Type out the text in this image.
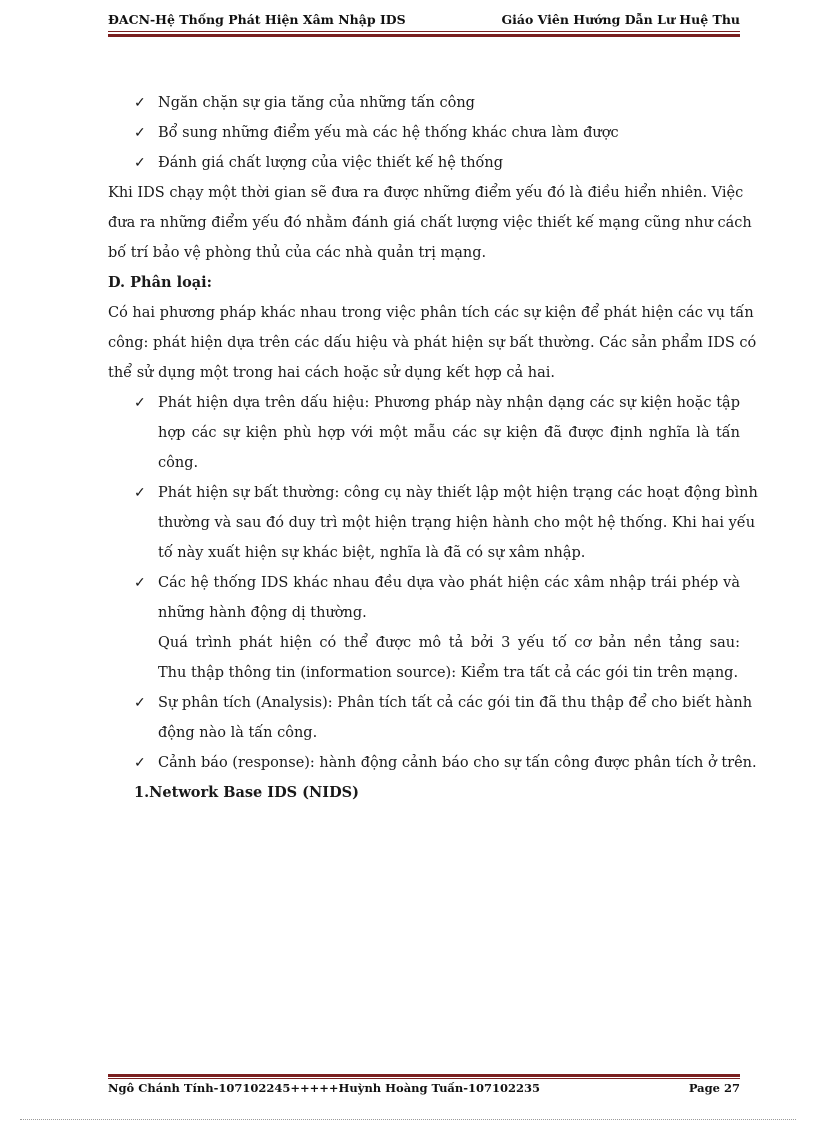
ĐACN-Hệ Thống Phát Hiện Xâm Nhập IDS	Giáo Viên Hướng Dẫn Lư Huệ Thu
✓ Ngăn chặn sự gia tăng của những tấn công
✓ Bổ sung những điểm yếu mà các hệ thống khác chưa làm được
✓ Đánh giá chất lượng của việc thiết kế hệ thống
Khi IDS chạy một thời gian sẽ đưa ra được những điểm yếu đó là điều hiển nhiên. Việc
đưa ra những điểm yếu đó nhằm đánh giá chất lượng việc thiết kế mạng cũng như cách
bố trí bảo vệ phòng thủ của các nhà quản trị mạng.
D. Phân loại:
Có hai phương pháp khác nhau trong việc phân tích các sự kiện để phát hiện các vụ tấn
công: phát hiện dựa trên các dấu hiệu và phát hiện sự bất thường. Các sản phẩm IDS có
thể sử dụng một trong hai cách hoặc sử dụng kết hợp cả hai.
✓ Phát hiện dựa trên dấu hiệu: Phương pháp này nhận dạng các sự kiện hoặc tập
hợp các sự kiện phù hợp với một mẫu các sự kiện đã được định nghĩa là tấn
công.
✓ Phát hiện sự bất thường: công cụ này thiết lập một hiện trạng các hoạt động bình
thường và sau đó duy trì một hiện trạng hiện hành cho một hệ thống. Khi hai yếu
tố này xuất hiện sự khác biệt, nghĩa là đã có sự xâm nhập.
✓ Các hệ thống IDS khác nhau đều dựa vào phát hiện các xâm nhập trái phép và
những hành động dị thường.
Quá trình phát hiện có thể được mô tả bởi 3 yếu tố cơ bản nền tảng sau:
Thu thập thông tin (information source): Kiểm tra tất cả các gói tin trên mạng.
✓ Sự phân tích (Analysis): Phân tích tất cả các gói tin đã thu thập để cho biết hành
động nào là tấn công.
✓ Cảnh báo (response): hành động cảnh báo cho sự tấn công được phân tích ở trên.
1.Network Base IDS (NIDS)
Ngô Chánh Tính-107102245+++++Huỳnh Hoàng Tuấn-107102235	Page 27
